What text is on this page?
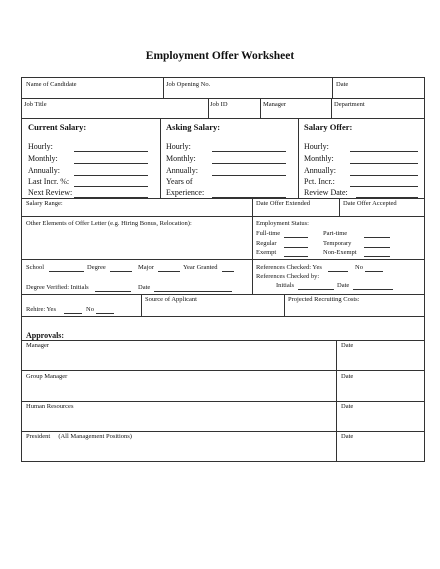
Employment Offer Worksheet
Name of Candidate	Job Opening No.	Date
Job Title	Job ID	Manager	Department
Current Salary:
Hourly:
Monthly:
Annually:
Last Incr. %:
Next Review:
Asking Salary:
Hourly:
Monthly:
Annually:
Years of
Experience:
Salary Offer:
Hourly:
Monthly:
Annually:
Pct. Incr.:
Review Date:
Salary Range:	Date Offer Extended	Date Offer Accepted
Other Elements of Offer Letter (e.g. Hiring Bonus, Relocation):	Employment Status:
Full-time	Part-time
Regular	Temporary
Exempt	Non-Exempt
School	Degree	Major	Year Granted
Degree Verified: Initials	Date
References Checked: Yes	No
References Checked by:
Initials	Date
Rehire: Yes	No
Source of Applicant	Projected Recruiting Costs:
Approvals:
Manager	Date
Group Manager	Date
Human Resources	Date
President     (All Management Positions)	Date
